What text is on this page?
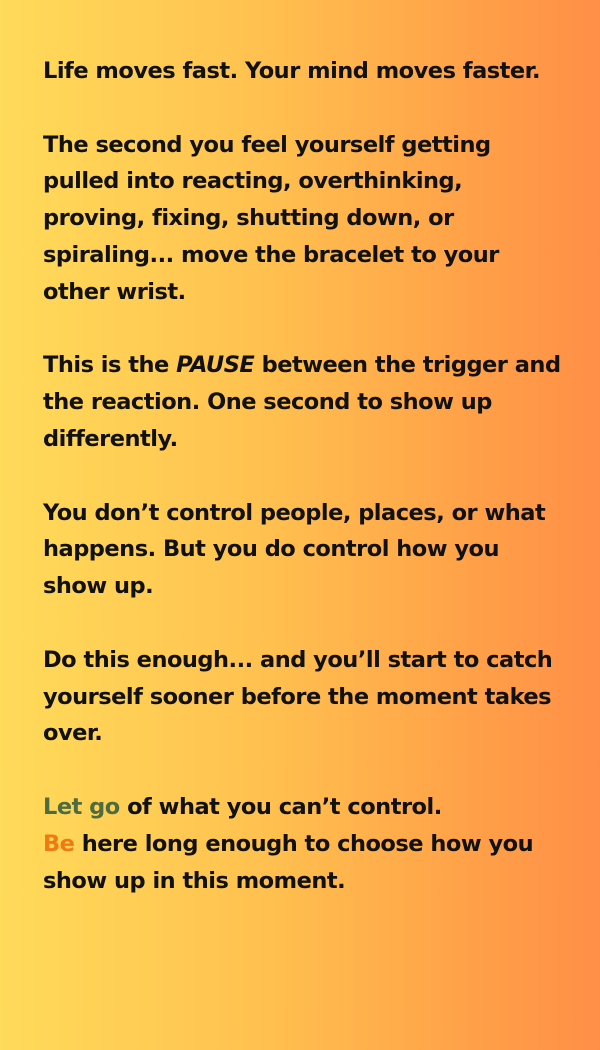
Life moves fast. Your mind moves faster.

The second you feel yourself getting pulled into reacting, overthinking, proving, fixing, shutting down, or spiraling... move the bracelet to your other wrist.

This is the PAUSE between the trigger and the reaction. One second to show up differently.

You don’t control people, places, or what happens. But you do control how you show up.

Do this enough... and you’ll start to catch yourself sooner before the moment takes over.

Let go of what you can’t control.
Be here long enough to choose how you show up in this moment.
